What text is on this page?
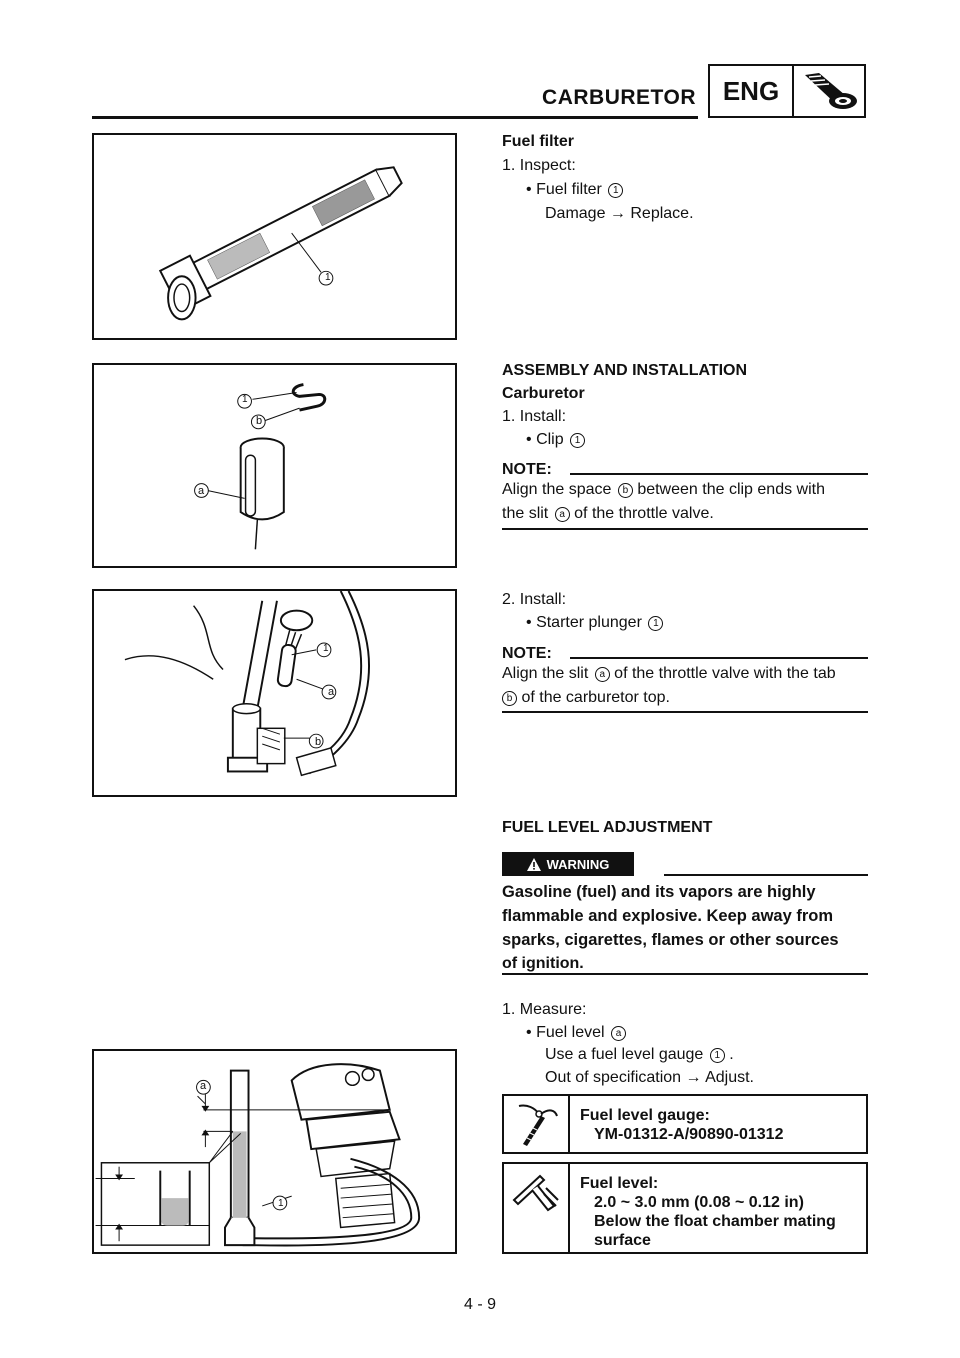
CARBURETOR	ENG
1
Fuel filter
1. Inspect:
• Fuel filter 1
Damage → Replace.
1
b
a
ASSEMBLY AND INSTALLATION
Carburetor
1. Install:
• Clip 1
NOTE:
Align the space b between the clip ends with
the slit a of the throttle valve.
1
a
b
2. Install:
• Starter plunger 1
NOTE:
Align the slit a of the throttle valve with the tab
b of the carburetor top.
FUEL LEVEL ADJUSTMENT
WARNING
Gasoline (fuel) and its vapors are highly
flammable and explosive. Keep away from
sparks, cigarettes, flames or other sources
of ignition.
1. Measure:
• Fuel level a
Use a fuel level gauge 1 .
Out of specification → Adjust.
1
a
Fuel level gauge:
YM-01312-A/90890-01312
Fuel level:
2.0 ~ 3.0 mm (0.08 ~ 0.12 in)
Below the float chamber mating
surface
4 - 9
